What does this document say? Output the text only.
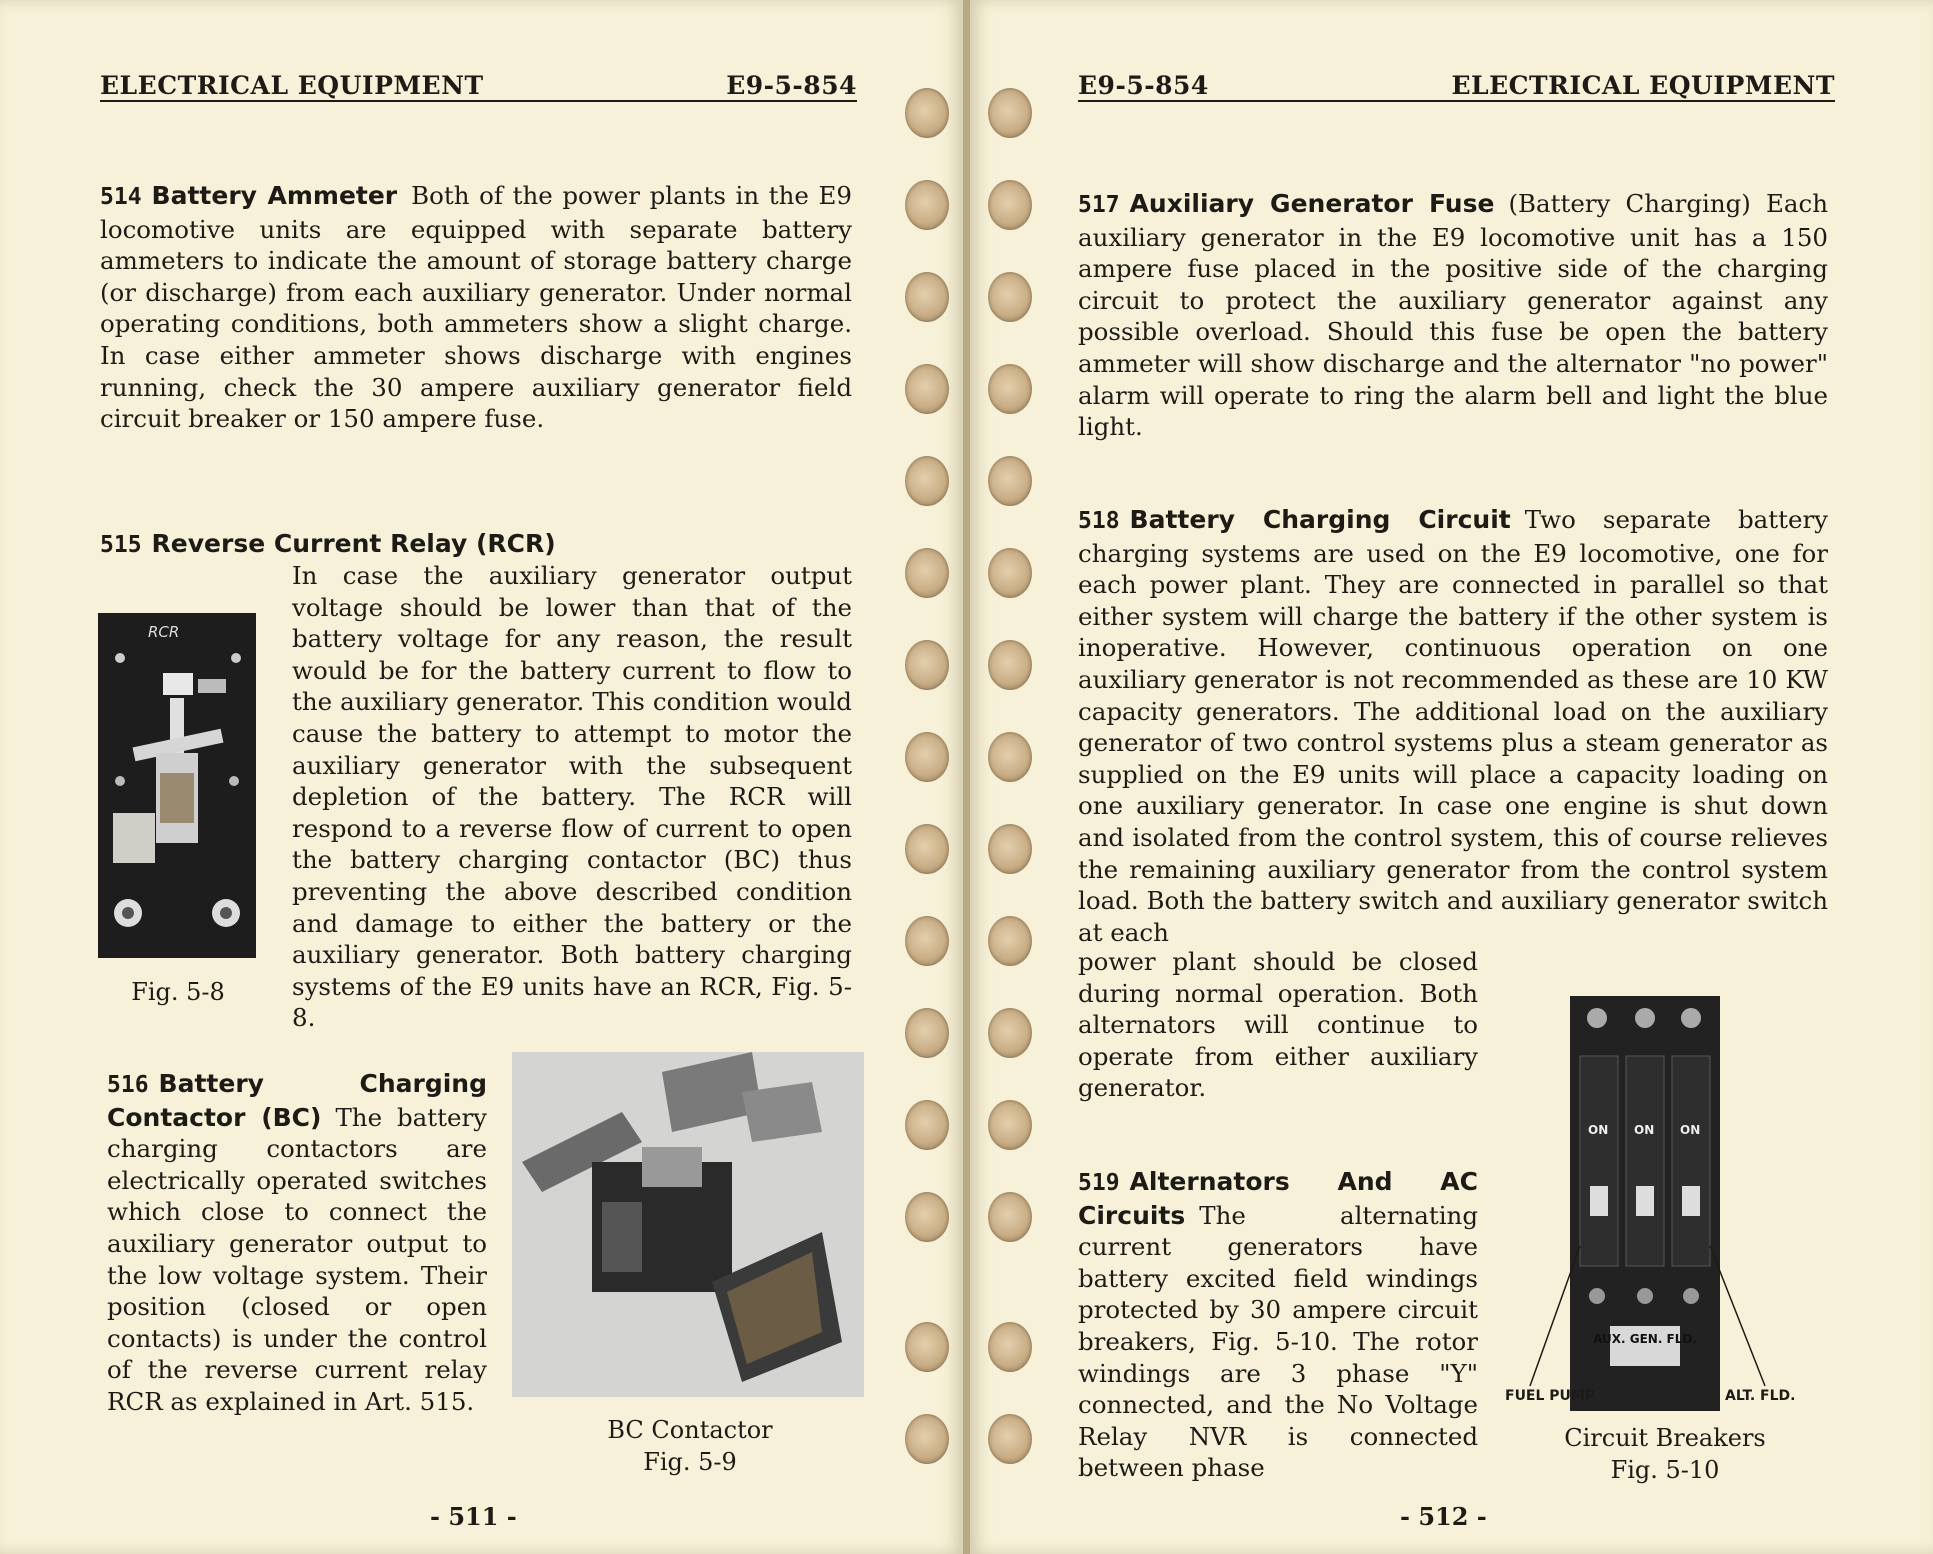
ELECTRICAL EQUIPMENT	E9-5-854

514 Battery Ammeter Both of the power plants in the E9 locomotive units are equipped with separate battery ammeters to indicate the amount of storage battery charge (or discharge) from each auxiliary generator. Under normal operating conditions, both ammeters show a slight charge. In case either ammeter shows discharge with engines running, check the 30 ampere auxiliary generator field circuit breaker or 150 ampere fuse.

515 Reverse Current Relay (RCR)

In case the auxiliary generator output voltage should be lower than that of the battery voltage for any reason, the result would be for the battery current to flow to the auxiliary generator. This condition would cause the battery to attempt to motor the auxiliary generator with the subsequent depletion of the battery. The RCR will respond to a reverse flow of current to open the battery charging contactor (BC) thus preventing the above described condition and damage to either the battery or the auxiliary generator. Both battery charging systems of the E9 units have an RCR, Fig. 5-8.
RCR
Fig. 5-8

516 Battery Charging Contactor (BC) The battery charging contactors are electrically operated switches which close to connect the auxiliary generator output to the low voltage system. Their position (closed or open contacts) is under the control of the reverse current relay RCR as explained in Art. 515.

BC Contactor
Fig. 5-9
- 511 -
E9-5-854	ELECTRICAL EQUIPMENT

517 Auxiliary Generator Fuse (Battery Charging) Each auxiliary generator in the E9 locomotive unit has a 150 ampere fuse placed in the positive side of the charging circuit to protect the auxiliary generator against any possible overload. Should this fuse be open the battery ammeter will show discharge and the alternator "no power" alarm will operate to ring the alarm bell and light the blue light.

518 Battery Charging Circuit Two separate battery charging systems are used on the E9 locomotive, one for each power plant. They are connected in parallel so that either system will charge the battery if the other system is inoperative. However, continuous operation on one auxiliary generator is not recommended as these are 10 KW capacity generators. The additional load on the auxiliary generator of two control systems plus a steam generator as supplied on the E9 units will place a capacity loading on one auxiliary generator. In case one engine is shut down and isolated from the control system, this of course relieves the remaining auxiliary generator from the control system load. Both the battery switch and auxiliary generator switch at each

power plant should be closed during normal operation. Both alternators will continue to operate from either auxiliary generator.

519 Alternators And AC Circuits The alternating current generators have battery excited field windings protected by 30 ampere circuit breakers, Fig. 5-10. The rotor windings are 3 phase "Y" connected, and the No Voltage Relay NVR is connected between phase

ON ON ON
AUX. GEN. FLD.
FUEL PUMP	ALT. FLD.
Circuit Breakers
Fig. 5-10
- 512 -
